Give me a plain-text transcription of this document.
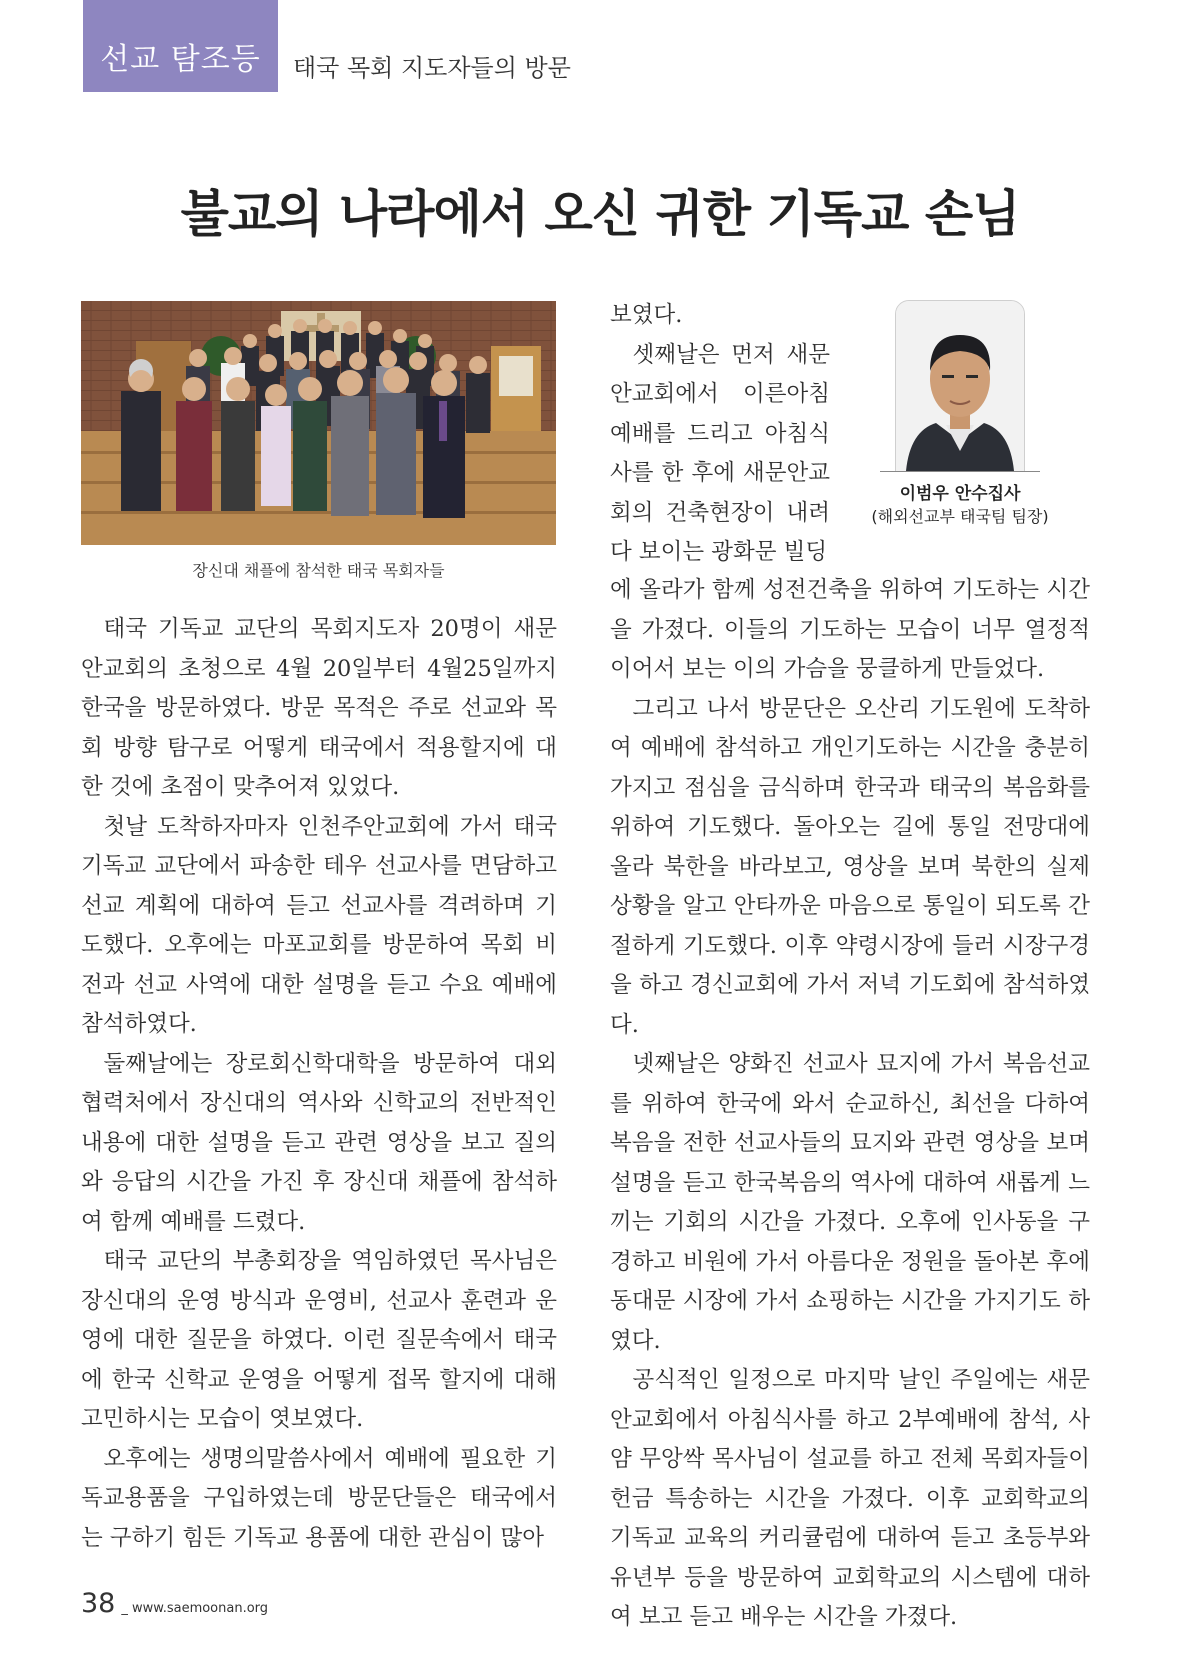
선교 탐조등 태국 목회 지도자들의 방문
불교의 나라에서 오신 귀한 기독교 손님
장신대 채플에 참석한 태국 목회자들

태국 기독교 교단의 목회지도자 20명이 새문안교회의 초청으로 4월 20일부터 4월25일까지 한국을 방문하였다. 방문 목적은 주로 선교와 목회 방향 탐구로 어떻게 태국에서 적용할지에 대한 것에 초점이 맞추어져 있었다.

첫날 도착하자마자 인천주안교회에 가서 태국 기독교 교단에서 파송한 테우 선교사를 면담하고 선교 계획에 대하여 듣고 선교사를 격려하며 기도했다. 오후에는 마포교회를 방문하여 목회 비전과 선교 사역에 대한 설명을 듣고 수요 예배에 참석하였다.

둘째날에는 장로회신학대학을 방문하여 대외협력처에서 장신대의 역사와 신학교의 전반적인 내용에 대한 설명을 듣고 관련 영상을 보고 질의와 응답의 시간을 가진 후 장신대 채플에 참석하여 함께 예배를 드렸다.

태국 교단의 부총회장을 역임하였던 목사님은 장신대의 운영 방식과 운영비, 선교사 훈련과 운영에 대한 질문을 하였다. 이런 질문속에서 태국에 한국 신학교 운영을 어떻게 접목 할지에 대해 고민하시는 모습이 엿보였다.

오후에는 생명의말씀사에서 예배에 필요한 기독교용품을 구입하였는데 방문단들은 태국에서는 구하기 힘든 기독교 용품에 대한 관심이 많아

보였다.

셋째날은 먼저 새문안교회에서 이른아침 예배를 드리고 아침식사를 한 후에 새문안교회의 건축현장이 내려다 보이는 광화문 빌딩

이범우 안수집사
(해외선교부 태국팀 팀장)

에 올라가 함께 성전건축을 위하여 기도하는 시간을 가졌다. 이들의 기도하는 모습이 너무 열정적이어서 보는 이의 가슴을 뭉클하게 만들었다.

그리고 나서 방문단은 오산리 기도원에 도착하여 예배에 참석하고 개인기도하는 시간을 충분히 가지고 점심을 금식하며 한국과 태국의 복음화를 위하여 기도했다. 돌아오는 길에 통일 전망대에 올라 북한을 바라보고, 영상을 보며 북한의 실제 상황을 알고 안타까운 마음으로 통일이 되도록 간절하게 기도했다. 이후 약령시장에 들러 시장구경을 하고 경신교회에 가서 저녁 기도회에 참석하였다.

넷째날은 양화진 선교사 묘지에 가서 복음선교를 위하여 한국에 와서 순교하신, 최선을 다하여 복음을 전한 선교사들의 묘지와 관련 영상을 보며 설명을 듣고 한국복음의 역사에 대하여 새롭게 느끼는 기회의 시간을 가졌다. 오후에 인사동을 구경하고 비원에 가서 아름다운 정원을 돌아본 후에 동대문 시장에 가서 쇼핑하는 시간을 가지기도 하였다.

공식적인 일정으로 마지막 날인 주일에는 새문안교회에서 아침식사를 하고 2부예배에 참석, 사얌 무앙싹 목사님이 설교를 하고 전체 목회자들이 헌금 특송하는 시간을 가졌다. 이후 교회학교의 기독교 교육의 커리큘럼에 대하여 듣고 초등부와 유년부 등을 방문하여 교회학교의 시스템에 대하여 보고 듣고 배우는 시간을 가졌다.

38 _ www.saemoonan.org
